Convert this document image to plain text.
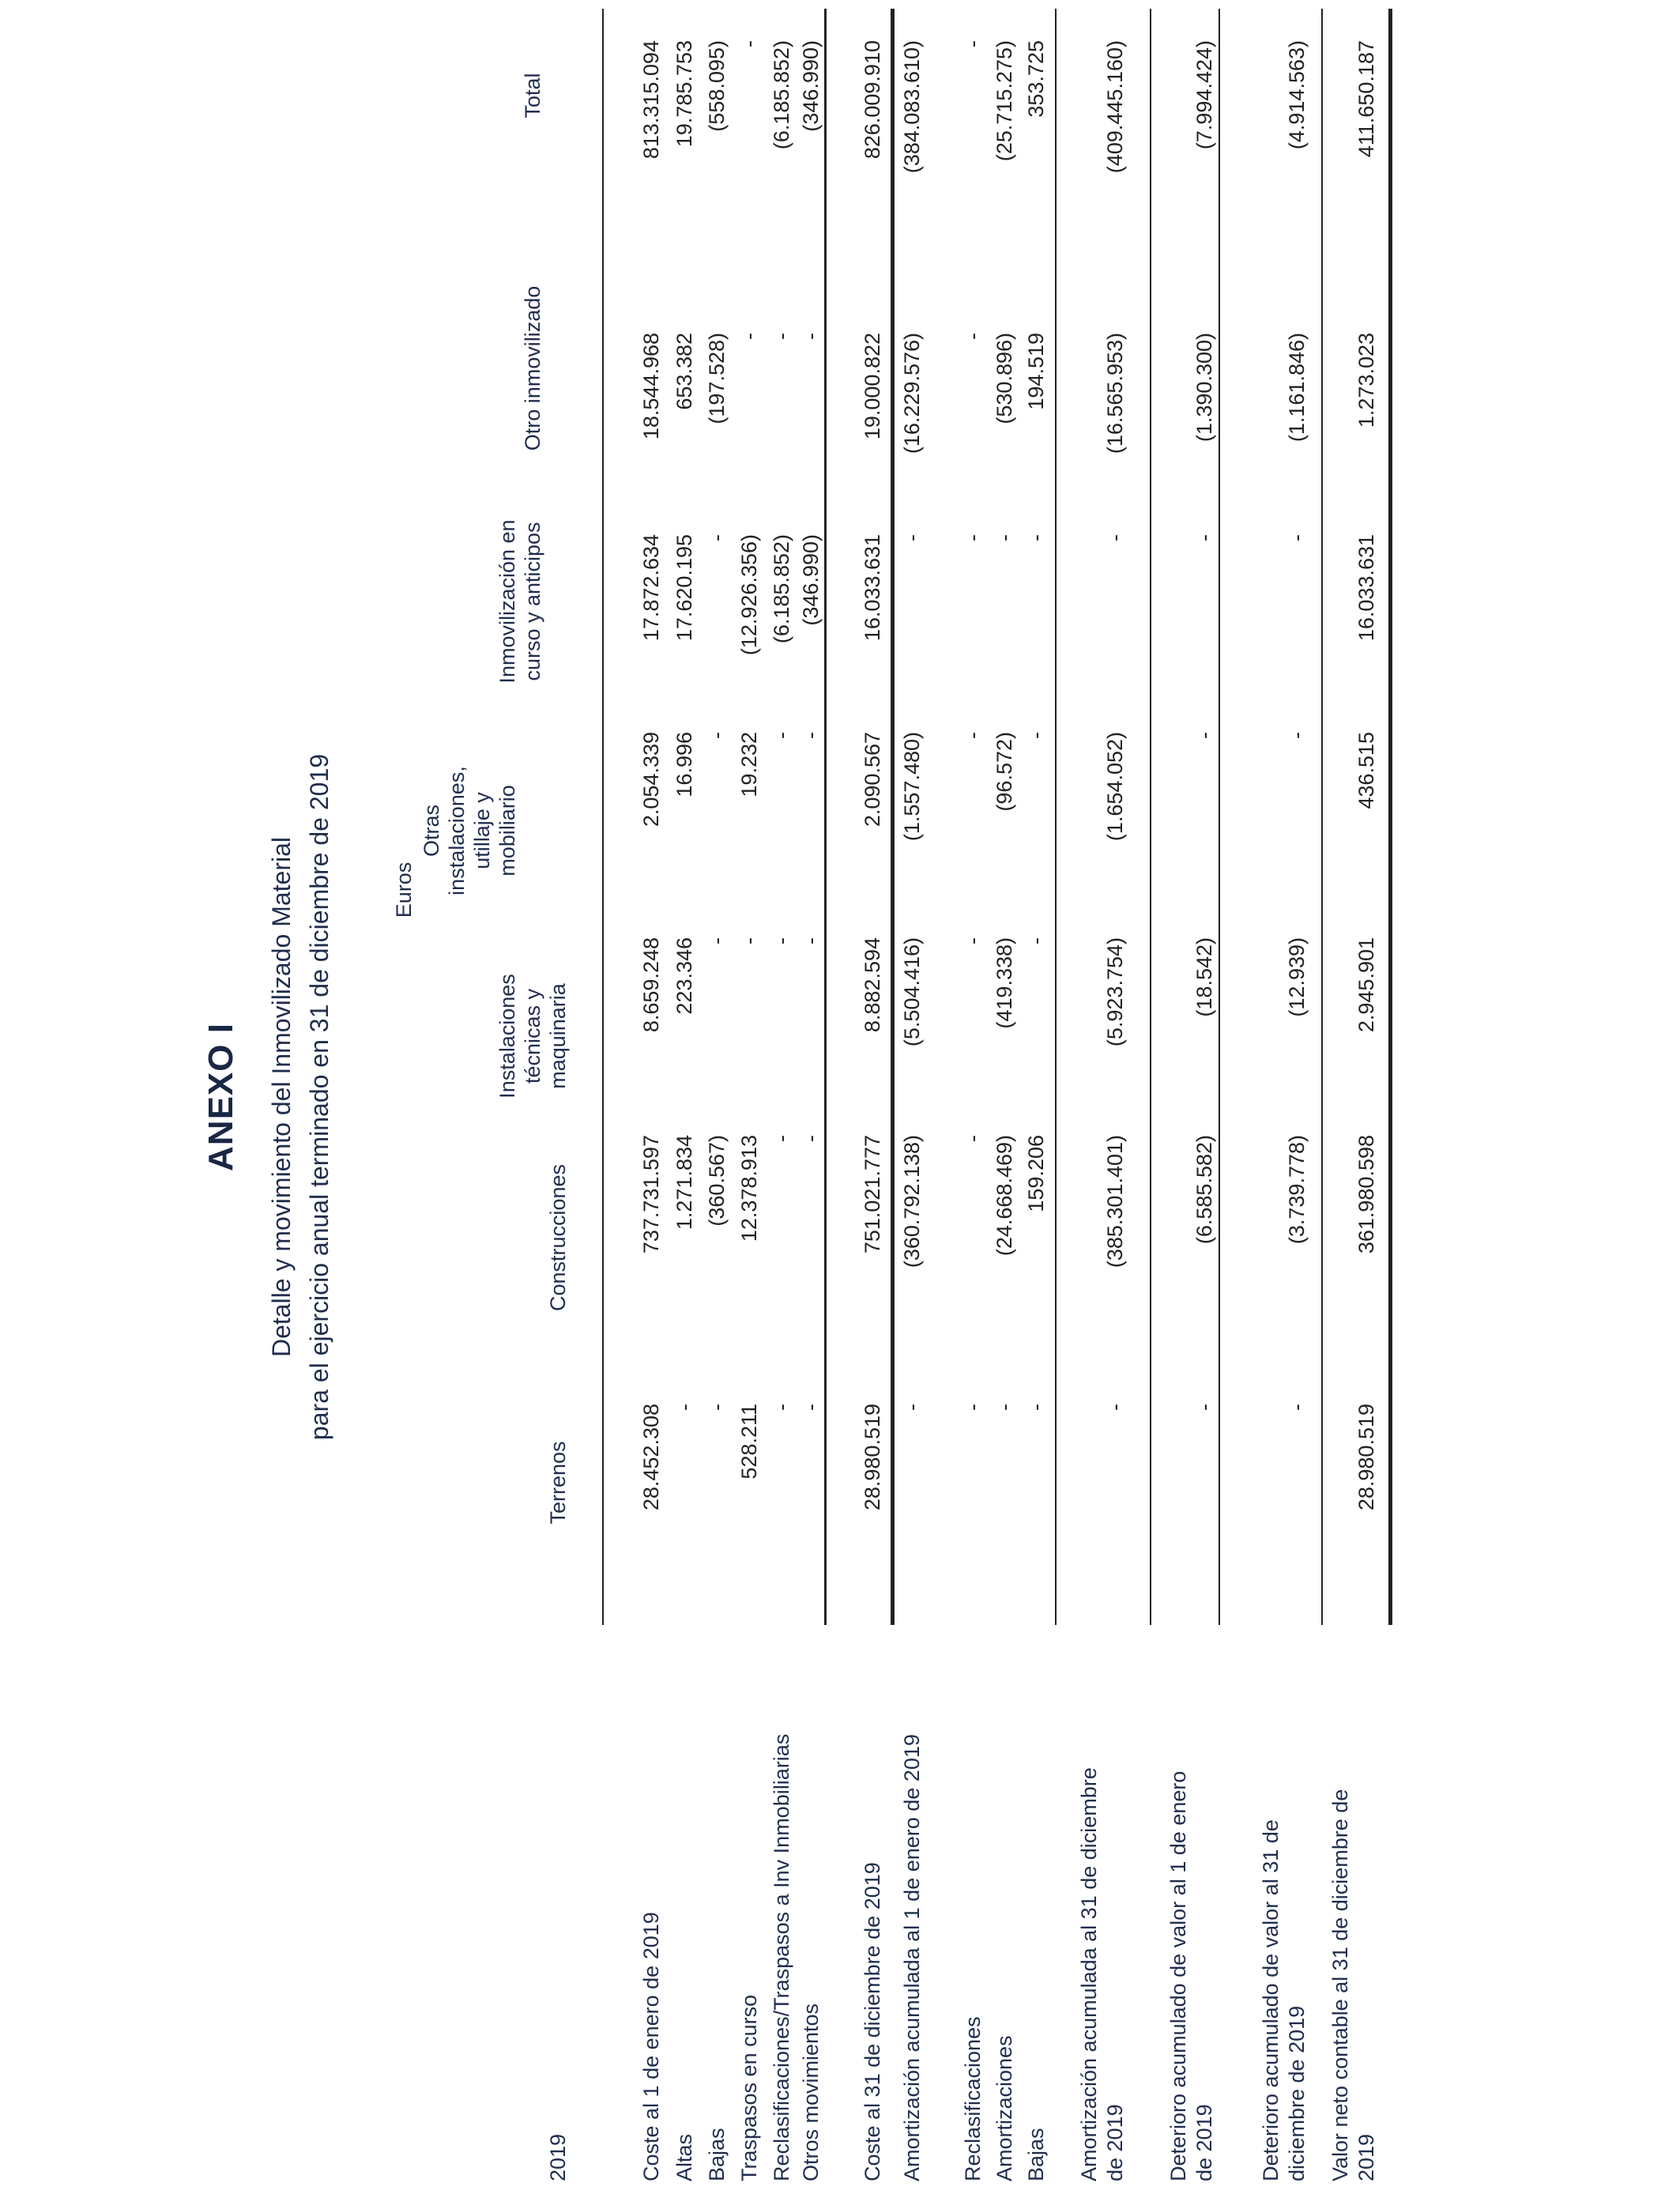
ANEXO I Detalle y movimiento del Inmovilizado Material para el ejercicio anual terminado en 31 de diciembre de 2019
2019
Euros
Terrenos
Construcciones
Instalaciones
técnicas y
maquinaria
Otras
instalaciones,
utillaje y
mobiliario
Inmovilización en
curso y anticipos
Otro inmovilizado
Total
Coste al 1 de enero de 2019
28.452.308
737.731.597
8.659.248
2.054.339
17.872.634
18.544.968
813.315.094
Altas
-
1.271.834
223.346
16.996
17.620.195
653.382
19.785.753
Bajas
-
(360.567)
-
-
-
(197.528)
(558.095)
Traspasos en curso
528.211
12.378.913
-
19.232
(12.926.356)
-
-
Reclasificaciones/Traspasos a Inv Inmobiliarias
-
-
-
-
(6.185.852)
-
(6.185.852)
Otros movimientos
-
-
-
-
(346.990)
-
(346.990)
Coste al 31 de diciembre de 2019
28.980.519
751.021.777
8.882.594
2.090.567
16.033.631
19.000.822
826.009.910
Amortización acumulada al 1 de enero de 2019
-
(360.792.138)
(5.504.416)
(1.557.480)
-
(16.229.576)
(384.083.610)
Reclasificaciones
-
-
-
-
-
-
-
Amortizaciones
-
(24.668.469)
(419.338)
(96.572)
-
(530.896)
(25.715.275)
Bajas
-
159.206
-
-
-
194.519
353.725
Amortización acumulada al 31 de diciembre
de 2019
-
(385.301.401)
(5.923.754)
(1.654.052)
-
(16.565.953)
(409.445.160)
Deterioro acumulado de valor al 1 de enero
de 2019
-
(6.585.582)
(18.542)
-
-
(1.390.300)
(7.994.424)
Deterioro acumulado de valor al 31 de
diciembre de 2019
-
(3.739.778)
(12.939)
-
-
(1.161.846)
(4.914.563)
Valor neto contable al 31 de diciembre de
2019
28.980.519
361.980.598
2.945.901
436.515
16.033.631
1.273.023
411.650.187
